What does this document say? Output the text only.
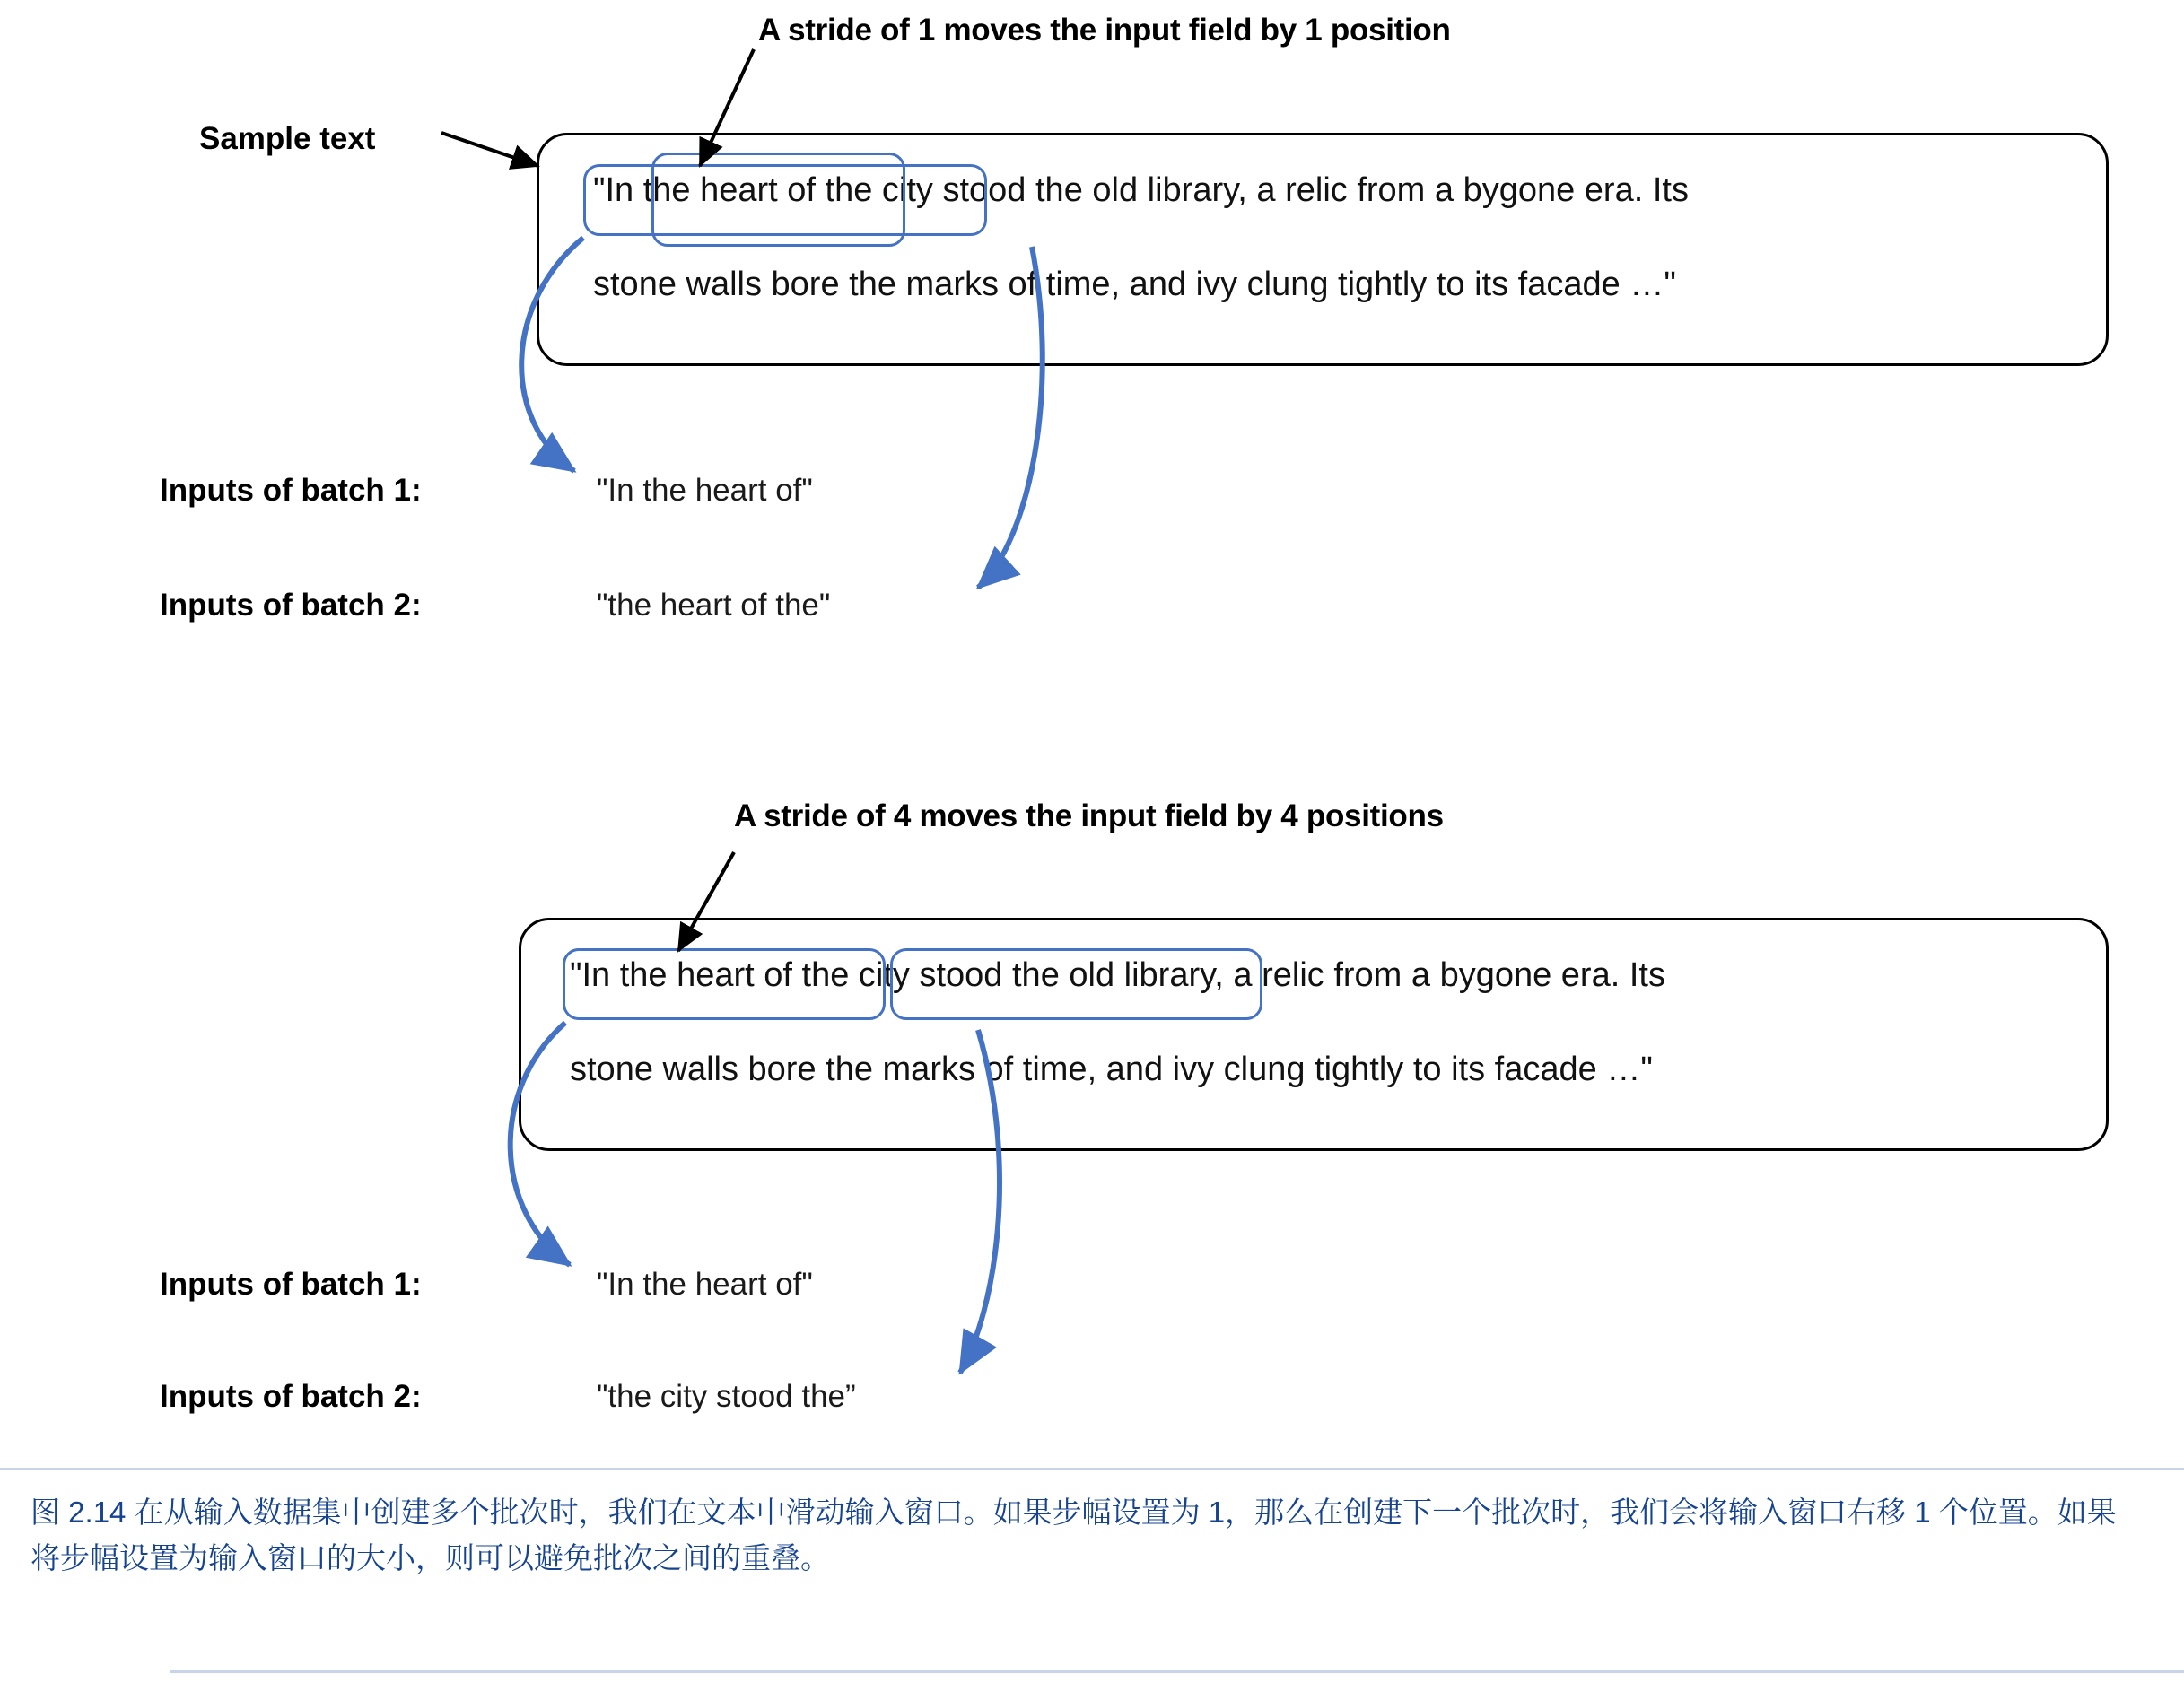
A stride of 1 moves the input field by 1 position
Sample text
"In the heart of the city stood the old library, a relic from a bygone era. Its
stone walls bore the marks of time, and ivy clung tightly to its facade …"
Inputs of batch 1:	"In the heart of"
Inputs of batch 2:	"the heart of the"
A stride of 4 moves the input field by 4 positions
"In the heart of the city stood the old library, a relic from a bygone era. Its
stone walls bore the marks of time, and ivy clung tightly to its facade …"
Inputs of batch 1:	"In the heart of"
Inputs of batch 2:	"the city stood the”
图 2.14 在从输入数据集中创建多个批次时，我们在文本中滑动输入窗口。如果步幅设置为 1，那么在创建下一个批次时，我们会将输入窗口右移 1 个位置。如果将步幅设置为输入窗口的大小，则可以避免批次之间的重叠。
